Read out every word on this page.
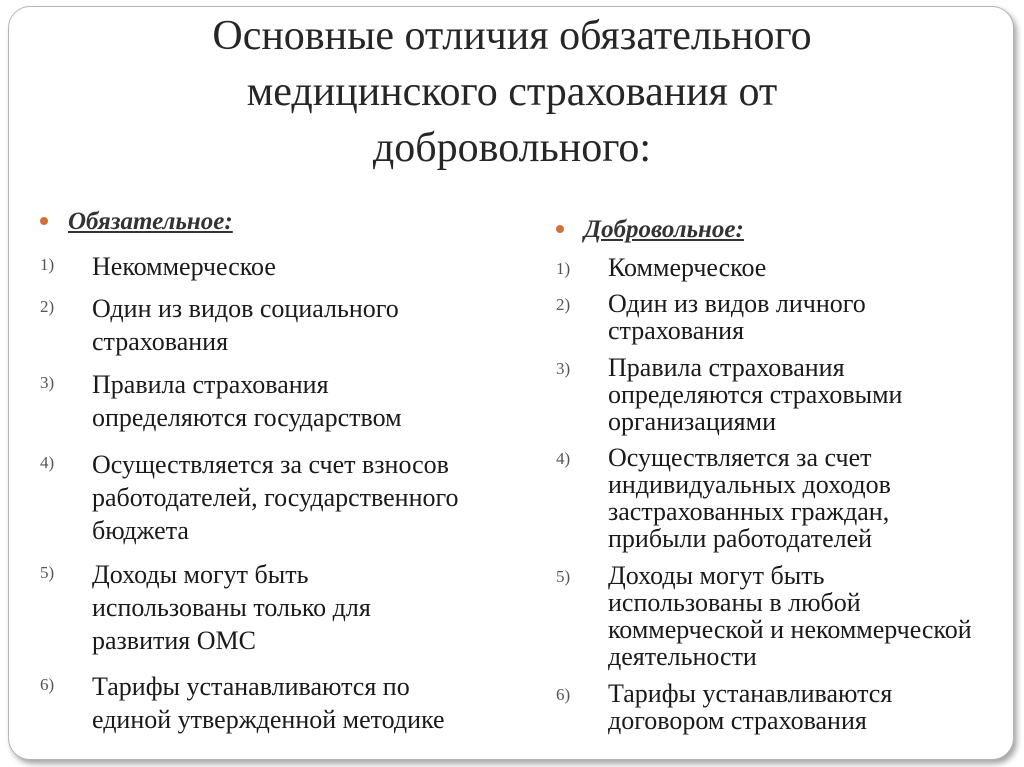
Основные отличия обязательного
медицинского страхования от
добровольного:
Обязательное:
1)	Некоммерческое
2)	Один из видов социального
страхования
3)	Правила страхования
определяются государством
4)	Осуществляется за счет взносов
работодателей, государственного
бюджета
5)	Доходы могут быть
использованы только для
развития ОМС
6)	Тарифы устанавливаются по
единой утвержденной методике
Добровольное:
1)	Коммерческое
2)	Один из видов личного
страхования
3)	Правила страхования
определяются страховыми
организациями
4)	Осуществляется за счет
индивидуальных доходов
застрахованных граждан,
прибыли работодателей
5)	Доходы могут быть
использованы в любой
коммерческой и некоммерческой
деятельности
6)	Тарифы устанавливаются
договором страхования
